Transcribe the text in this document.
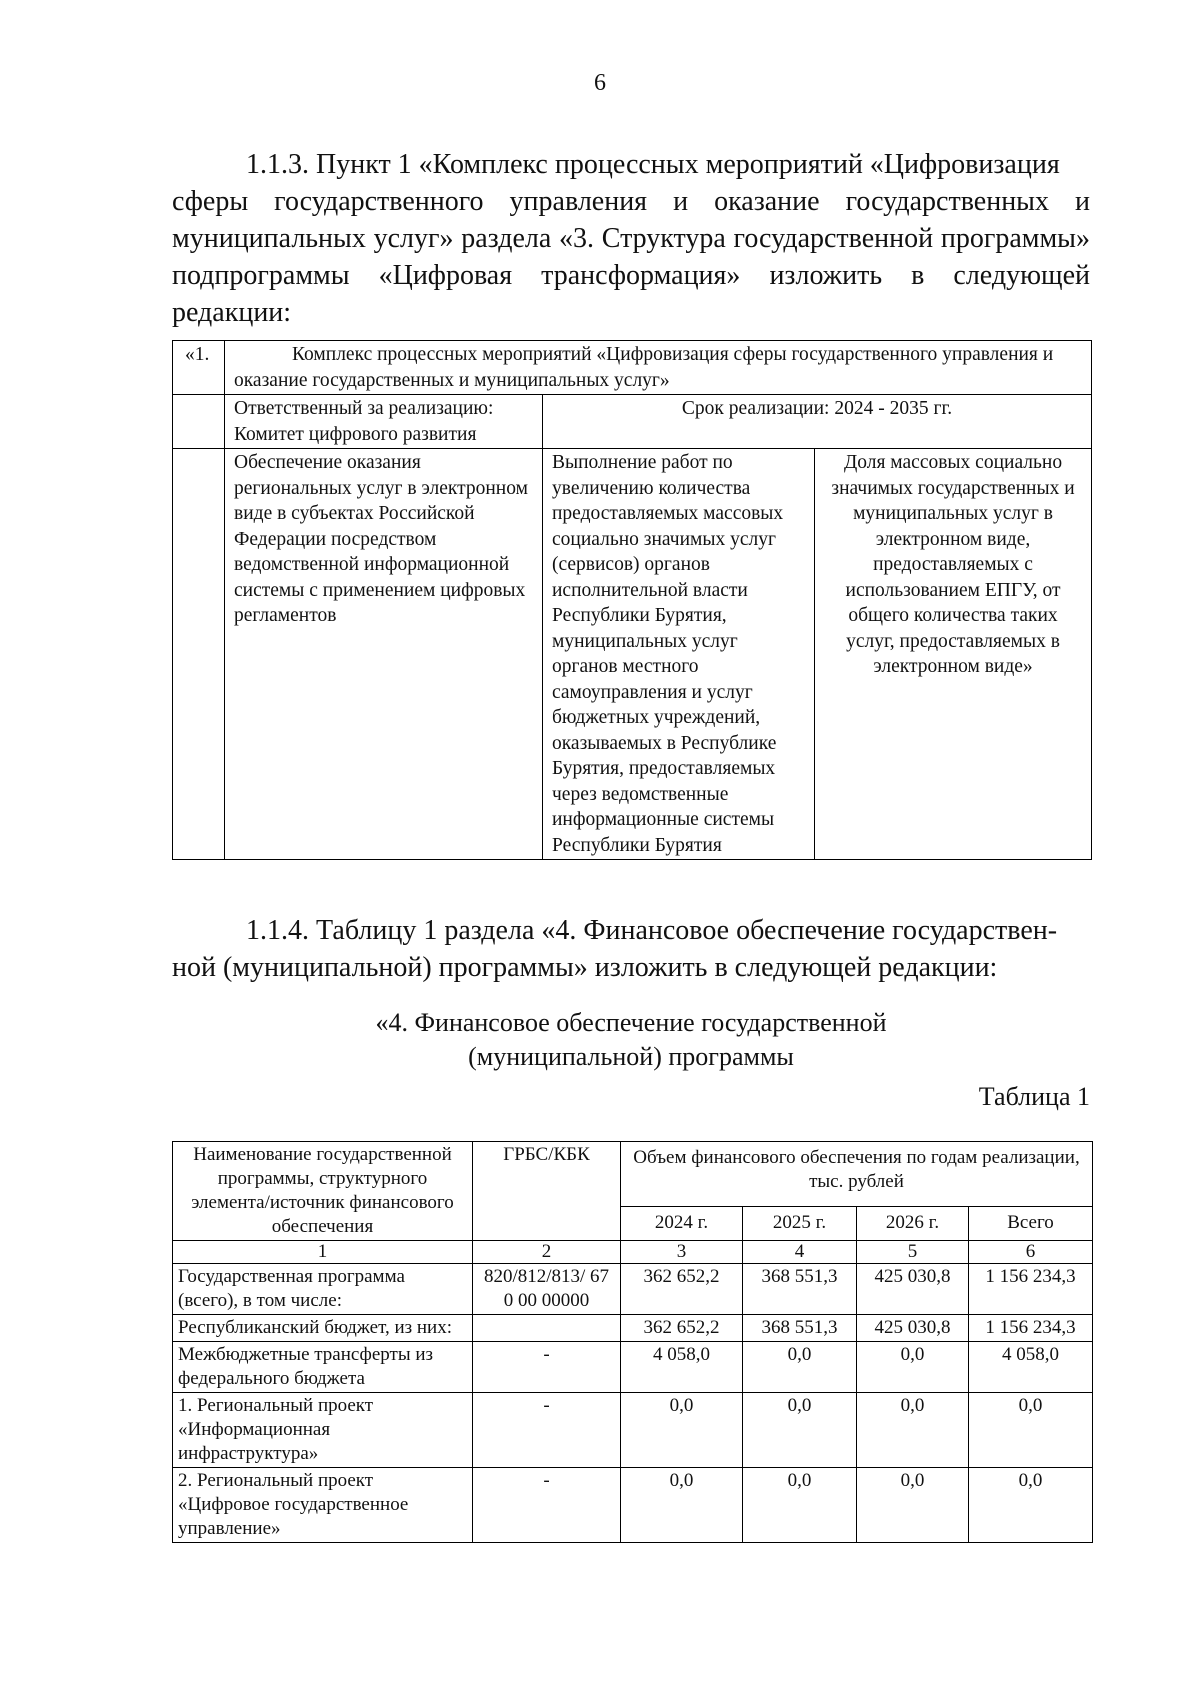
6

1.1.3. Пункт 1 «Комплекс процессных мероприятий «Цифровизация
сферы государственного управления и оказание государственных и муниципальных услуг» раздела «3. Структура государственной программы» подпрограммы «Цифровая трансформация» изложить в следующей редакции:

«1.	Комплекс процессных мероприятий «Цифровизация сферы государственного управления и оказание государственных и муниципальных услуг»		
	Ответственный за реализацию: Комитет цифрового развития	Срок реализации: 2024 - 2035 гг.	
	Обеспечение оказания региональных услуг в электронном виде в субъектах Российской Федерации посредством ведомственной информационной системы с применением цифровых регламентов	Выполнение работ по увеличению количества предоставляемых массовых социально значимых услуг (сервисов) органов исполнительной власти Республики Бурятия, муниципальных услуг органов местного самоуправления и услуг бюджетных учреждений, оказываемых в Республике Бурятия, предоставляемых через ведомственные информационные системы Республики Бурятия	Доля массовых социально значимых государственных и муниципальных услуг в электронном виде, предоставляемых с использованием ЕПГУ, от общего количества таких услуг, предоставляемых в электронном виде»

1.1.4. Таблицу 1 раздела «4. Финансовое обеспечение государствен-
ной (муниципальной) программы» изложить в следующей редакции:

«4. Финансовое обеспечение государственной
(муниципальной) программы
Таблица 1
Наименование государственной программы, структурного элемента/источник финансового обеспечения	ГРБС/КБК	Объем финансового обеспечения по годам реализации, тыс. рублей			
		2024 г.	2025 г.	2026 г.	Всего
1	2	3	4	5	6
Государственная программа (всего), в том числе:	820/812/813/ 67 0 00 00000	362 652,2	368 551,3	425 030,8	1 156 234,3
Республиканский бюджет, из них:		362 652,2	368 551,3	425 030,8	1 156 234,3
Межбюджетные трансферты из федерального бюджета	-	4 058,0	0,0	0,0	4 058,0
1. Региональный проект «Информационная инфраструктура»	-	0,0	0,0	0,0	0,0
2. Региональный проект «Цифровое государственное управление»	-	0,0	0,0	0,0	0,0
